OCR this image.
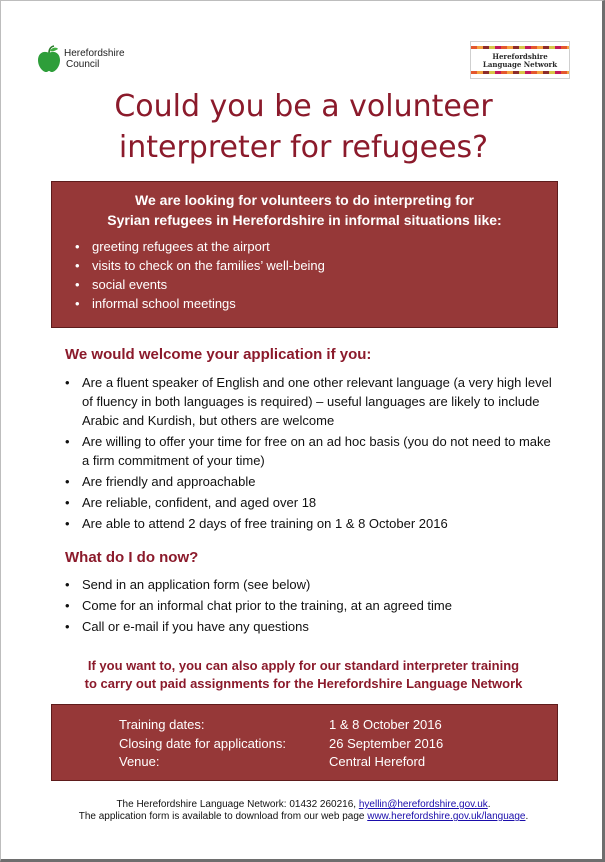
Herefordshire
Council
Herefordshire
Language Network
Could you be a volunteer
interpreter for refugees?
We are looking for volunteers to do interpreting for
Syrian refugees in Herefordshire in informal situations like:
• greeting refugees at the airport
• visits to check on the families’ well-being
• social events
• informal school meetings
We would welcome your application if you:
• Are a fluent speaker of English and one other relevant language (a very high level of fluency in both languages is required) – useful languages are likely to include Arabic and Kurdish, but others are welcome
• Are willing to offer your time for free on an ad hoc basis (you do not need to make a firm commitment of your time)
• Are friendly and approachable
• Are reliable, confident, and aged over 18
• Are able to attend 2 days of free training on 1 & 8 October 2016
What do I do now?
• Send in an application form (see below)
• Come for an informal chat prior to the training, at an agreed time
• Call or e-mail if you have any questions
If you want to, you can also apply for our standard interpreter training
to carry out paid assignments for the Herefordshire Language Network
Training dates:	1 & 8 October 2016
Closing date for applications:	26 September 2016
Venue:	Central Hereford
The Herefordshire Language Network: 01432 260216, hyellin@herefordshire.gov.uk.
The application form is available to download from our web page www.herefordshire.gov.uk/language.
